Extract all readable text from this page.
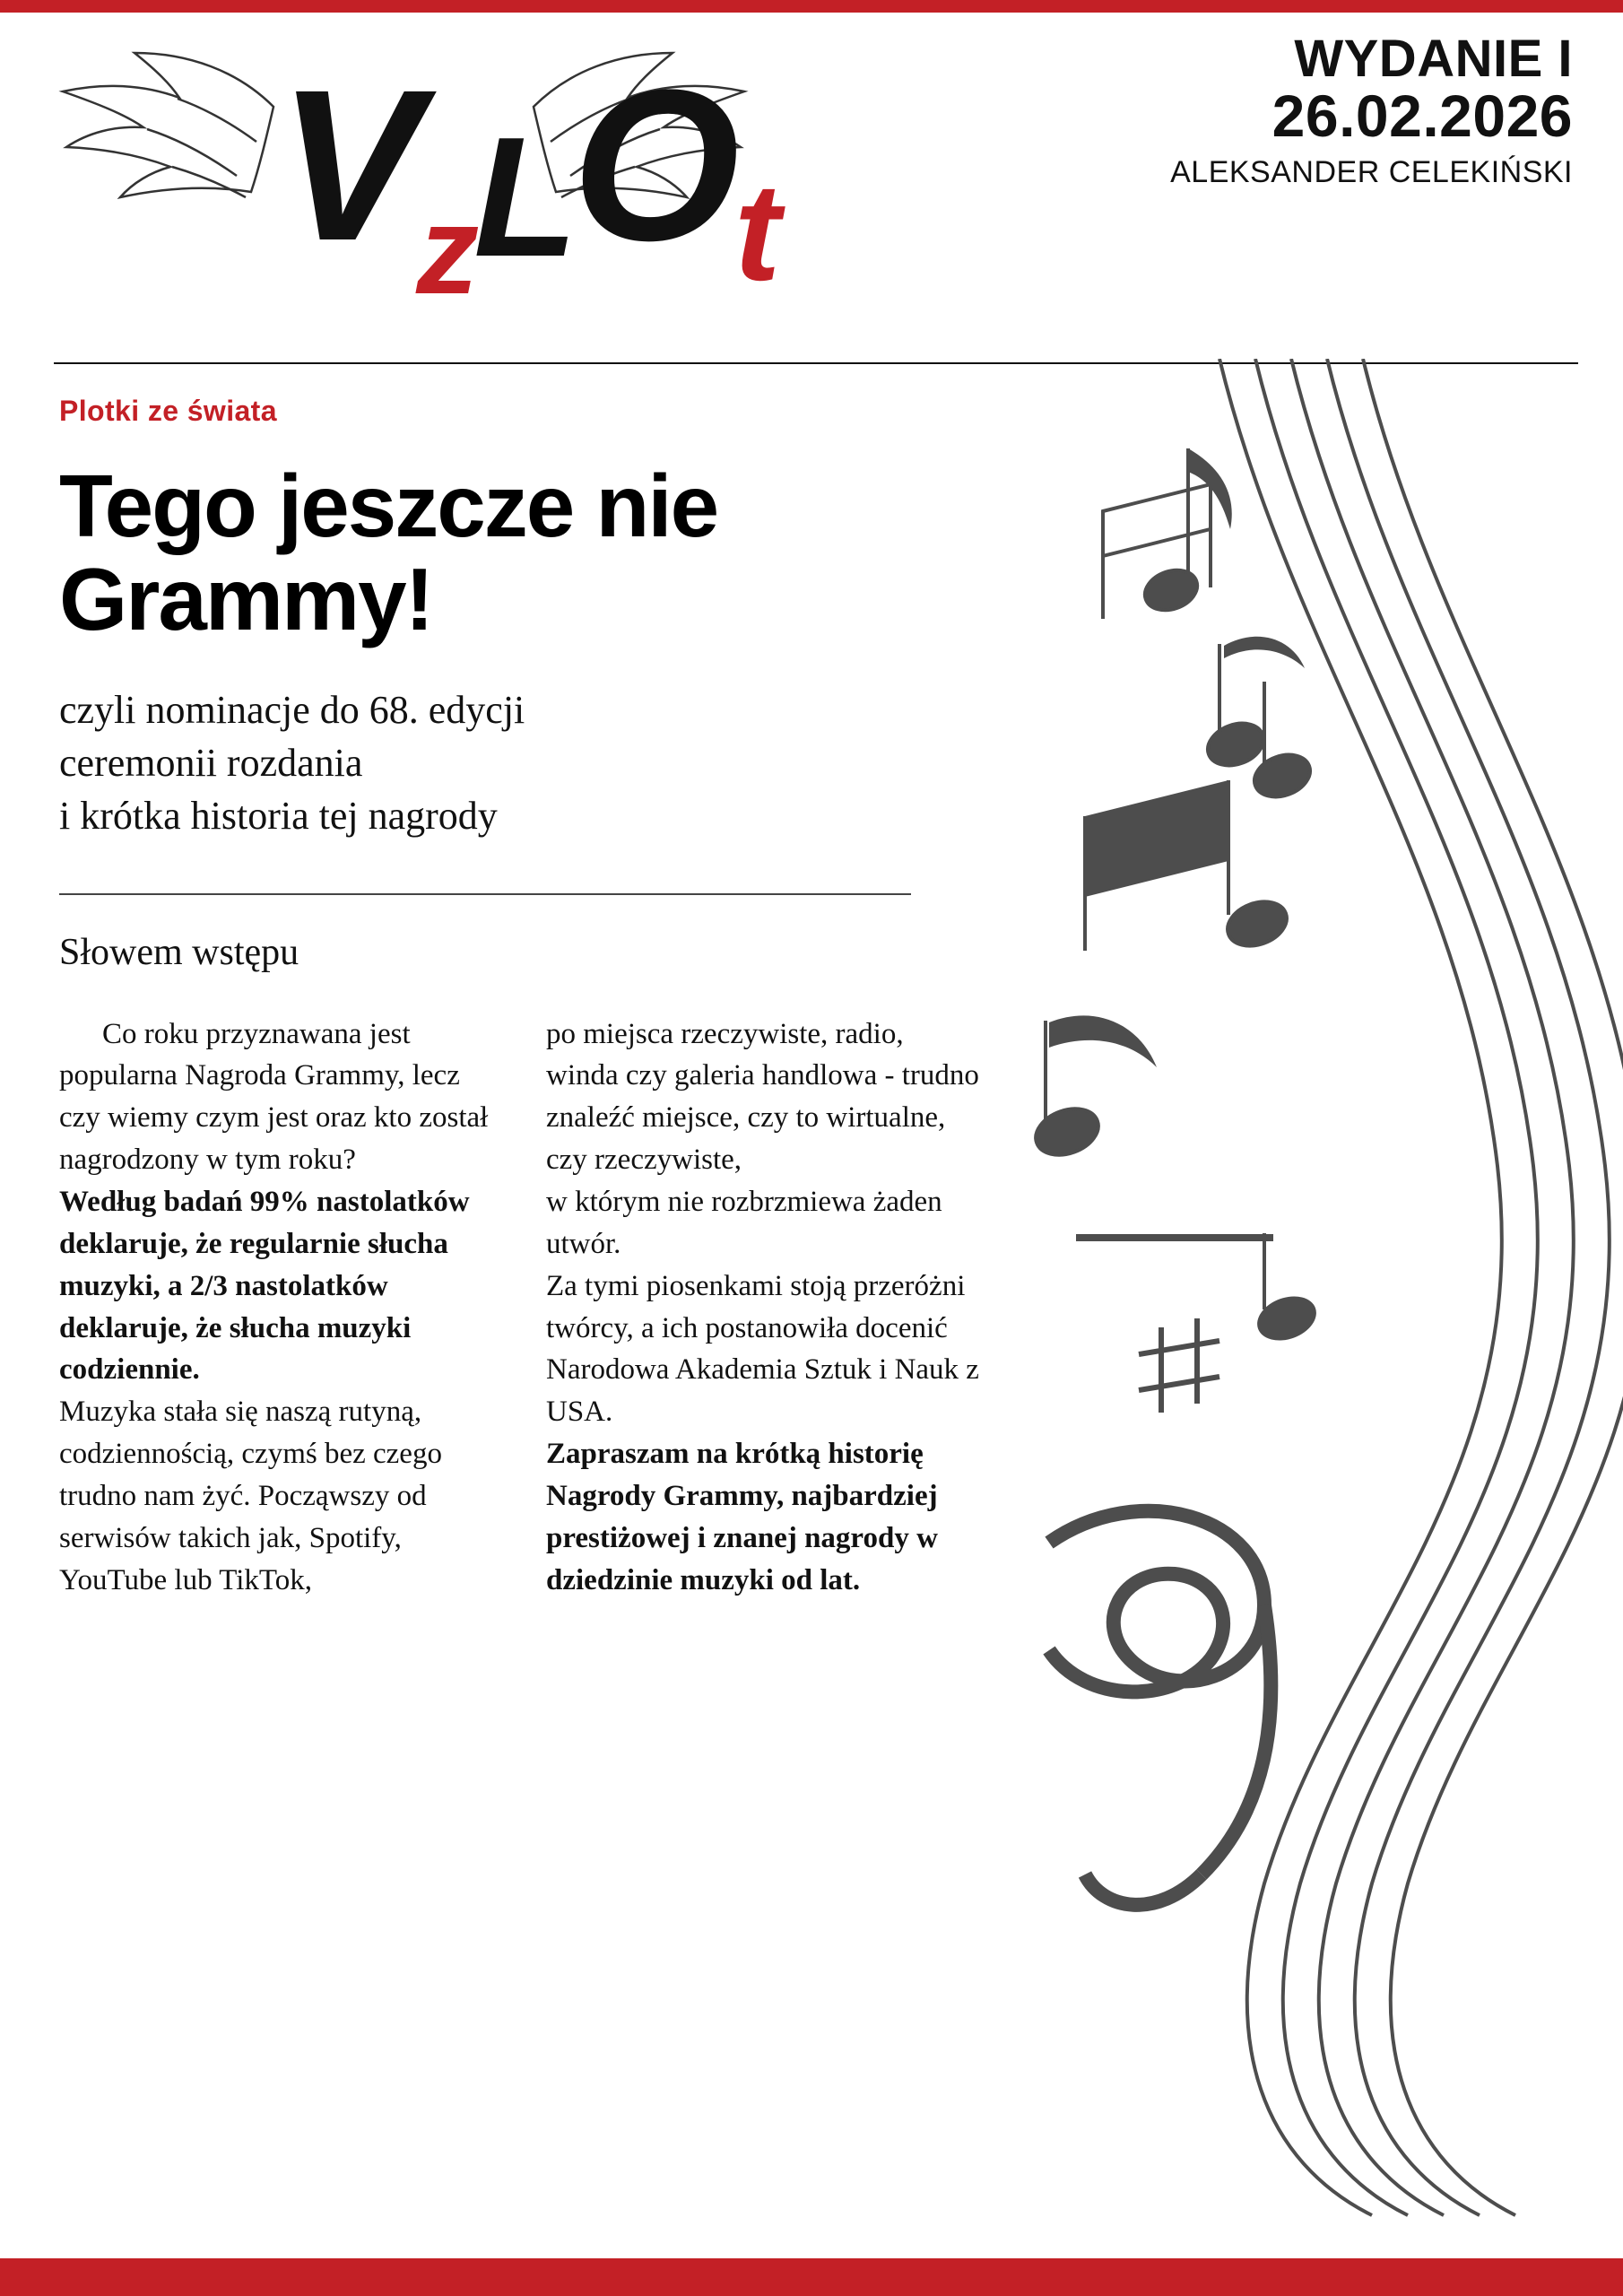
VzLOt
WYDANIE I
26.02.2026
ALEKSANDER CELEKIŃSKI
Plotki ze świata
Tego jeszcze nie Grammy!
czyli nominacje do 68. edycji
ceremonii rozdania
i krótka historia tej nagrody
Słowem wstępu

Co roku przyznawana jest popularna Nagroda Grammy, lecz czy wiemy czym jest oraz kto został nagrodzony w tym roku?

Według badań 99% nastolatków deklaruje, że regularnie słucha muzyki, a 2/3 nastolatków deklaruje, że słucha muzyki codziennie.

Muzyka stała się naszą rutyną, codziennością, czymś bez czego trudno nam żyć. Począwszy od serwisów takich jak, Spotify, YouTube lub TikTok,

po miejsca rzeczywiste, radio, winda czy galeria handlowa - trudno znaleźć miejsce, czy to wirtualne, czy rzeczywiste,

w którym nie rozbrzmiewa żaden utwór.

Za tymi piosenkami stoją przeróżni twórcy, a ich postanowiła docenić Narodowa Akademia Sztuk i Nauk z USA.

Zapraszam na krótką historię Nagrody Grammy, najbardziej prestiżowej i znanej nagrody w dziedzinie muzyki od lat.

5
